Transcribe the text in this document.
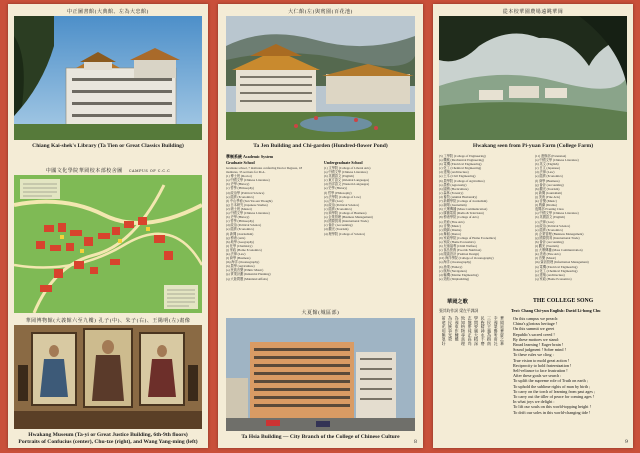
中正圖書館(大典館、左為大忠館)
Chiang Kai-shek's Library (Ta Tien or Great Classics Building)
中國文化學院華岡校本部校舍圖 CAMPUS OF C.C.C
華岡博物館(大義館六至九樓) 孔子(中)、朱子(右)、王陽明(左)畫像
Hwakang Museum (Ta-yi or Great Justice Building, 6th-9th floors)
Portraits of Confucius (center), Chu-tze (right), and Wang Yang-ming (left)
大仁館(左)與賓園(百花池)
Ta Jen Building and Chi-garden (Hundred-flower Pond)
學制系統 Academic System
Graduate School
Graduate school, 7 institutes conferring Doctor Degrees, 18
institutes, 33 sections for M.A.
(1) 博士班 (Doctor)
(a) 中國文學 (Chinese Literature)
(b) 史學 (History)
(c) 哲學 (Philosophy)
(d) 政治學 (Political Science)
(e) 經濟 (Economics)
(f) 中山學術 (Sun Yat-sen Thought)
(g) 日本研究 (Japanese Studies)
(2) 碩士班 (Master)
(a) 中國文學 (Chinese Literature)
(b) 史學 (History)
(c) 哲學 (Philosophy)
(d) 政治 (Political Science)
(e) 經濟 (Economics)
(f) 新聞 (Journalism)
(g) 藝術 (Arts)
(h) 地學 (Geography)
(i) 化學 (Chemistry)
(j) 家政 (Home Economics)
(k) 法律 (Law)
(l) 商學 (Business)
(m) 海洋 (Oceanography)
(n) 農學 (Agriculture)
(o) 民族音樂 (Ethnic Music)
(p) 實業計劃 (Industrial Planning)
(q) 大陸問題 (Mainland Affairs)
Undergraduate School
(1) 文學院 (College of Liberal Arts)
(a) 中國文學 (Chinese Literature)
(b) 英國語文 (English)
(c) 東方語文 (Oriental Languages)
(d) 西洋語文 (Western Languages)
(e) 史學 (History)
(f) 哲學 (Philosophy)
(2) 法學院 (College of Law)
(a) 法律 (Law)
(b) 政治 (Political Science)
(c) 經濟 (Economics)
(3) 商學院 (College of Business)
(a) 企業管理 (Business Management)
(b) 國際貿易 (International Trade)
(c) 會計 (Accounting)
(d) 觀光 (Tourism)
(4) 理學院 (College of Science)
大夏館(城區部)
Ta Hsia Building — City Branch of the College of Chinese Culture
8
從本校華園農場遠眺華岡
Hwakang seen from Pi-yuan Farm (College Farm)
(5) 工學院 (College of Engineering)
(a) 機械 (Mechanical Engineering)
(b) 電機 (Electrical Engineering)
(c) 化工 (Chemical Engineering)
(d) 建築 (Architecture)
(e) 土木 (Civil Engineering)
(6) 農學院 (College of Agriculture)
(a) 農藝 (Agronomy)
(b) 園藝 (Horticulture)
(c) 森林 (Forestry)
(d) 畜牧 (Animal Husbandry)
(7) 新聞學院 (College of Journalism)
(a) 新聞 (Journalism)
(b) 大眾傳播 (Mass Communication)
(c) 廣播電視 (Radio & Television)
(8) 藝術學院 (College of Arts)
(a) 美術 (Fine Arts)
(b) 音樂 (Music)
(c) 戲劇 (Drama)
(d) 舞蹈 (Dance)
(9) 家政學院 (College of Home Economics)
(a) 家政 (Home Economics)
(b) 兒童福利 (Child Welfare)
(c) 食品營養 (Food & Nutrition)
(d) 服裝設計 (Fashion Design)
(10) 海洋學院 (College of Oceanography)
(a) 海洋 (Oceanography)
(b) 漁業 (Fishery)
(c) 航海 (Navigation)
(d) 輪機 (Marine Engineering)
(e) 造船 (Shipbuilding)
(11) 進修部 (Extension)
(a) 中國文學 (Chinese Literature)
(b) 英文 (English)
(c) 日文 (Japanese)
(d) 法律 (Law)
(e) 經濟 (Economics)
(f) 商學 (Business)
(g) 會計 (Accounting)
(h) 觀光 (Tourism)
(i) 新聞 (Journalism)
(j) 美術 (Fine Arts)
(k) 音樂 (Music)
(l) 戲劇 (Drama)
夜間部 Evening Class
(a) 中國文學 (Chinese Literature)
(b) 英國語文 (English)
(c) 法律 (Law)
(d) 政治 (Political Science)
(e) 經濟 (Economics)
(f) 企業管理 (Business Management)
(g) 國際貿易 (International Trade)
(h) 會計 (Accounting)
(i) 觀光 (Tourism)
(j) 大眾傳播 (Mass Communication)
(k) 美術 (Fine Arts)
(l) 音樂 (Music)
(m) 資訊管理 (Information Management)
(n) 電機 (Electrical Engineering)
(o) 化工 (Chemical Engineering)
(p) 建築 (Architecture)
(q) 家政 (Home Economics)
華岡之歌	THE COLLEGE SONG
張其昀作詞 梁在平譯詞	Text: Chang Chi-yun English: David Li-hong Chu
華岡是華夏之華
中國榮譽所寄託
三民主義為指南
民族精神永不磨
學問要廣大精深
志趣要純正高尚
致知格物尋真理
為國家作棟樑
為民族爭光榮
前途光明無限好	On this campus we preach:
China's glorious heritage !
On this summit we greet
Republic's sacred creed !
By these mottoes we stand:
Broad learning ! Eager brain !
Sound judgment ! Sober mind !
To these rules we cling :
True vision to mold great action !
Reciprocity to hold fraternization !
Self-reliance to face frustration !
After these goals we search :
To uplift the supreme role of Truth on earth ;
To uphold the sublime rights of man by birth ;
To carry on the torch of learning from past ages ;
To carry out the tiller of peace for coming ages !
In what joys we delight :
To lift our souls on this world-topping height !
To drift our soles in this world-changing tide !
9
